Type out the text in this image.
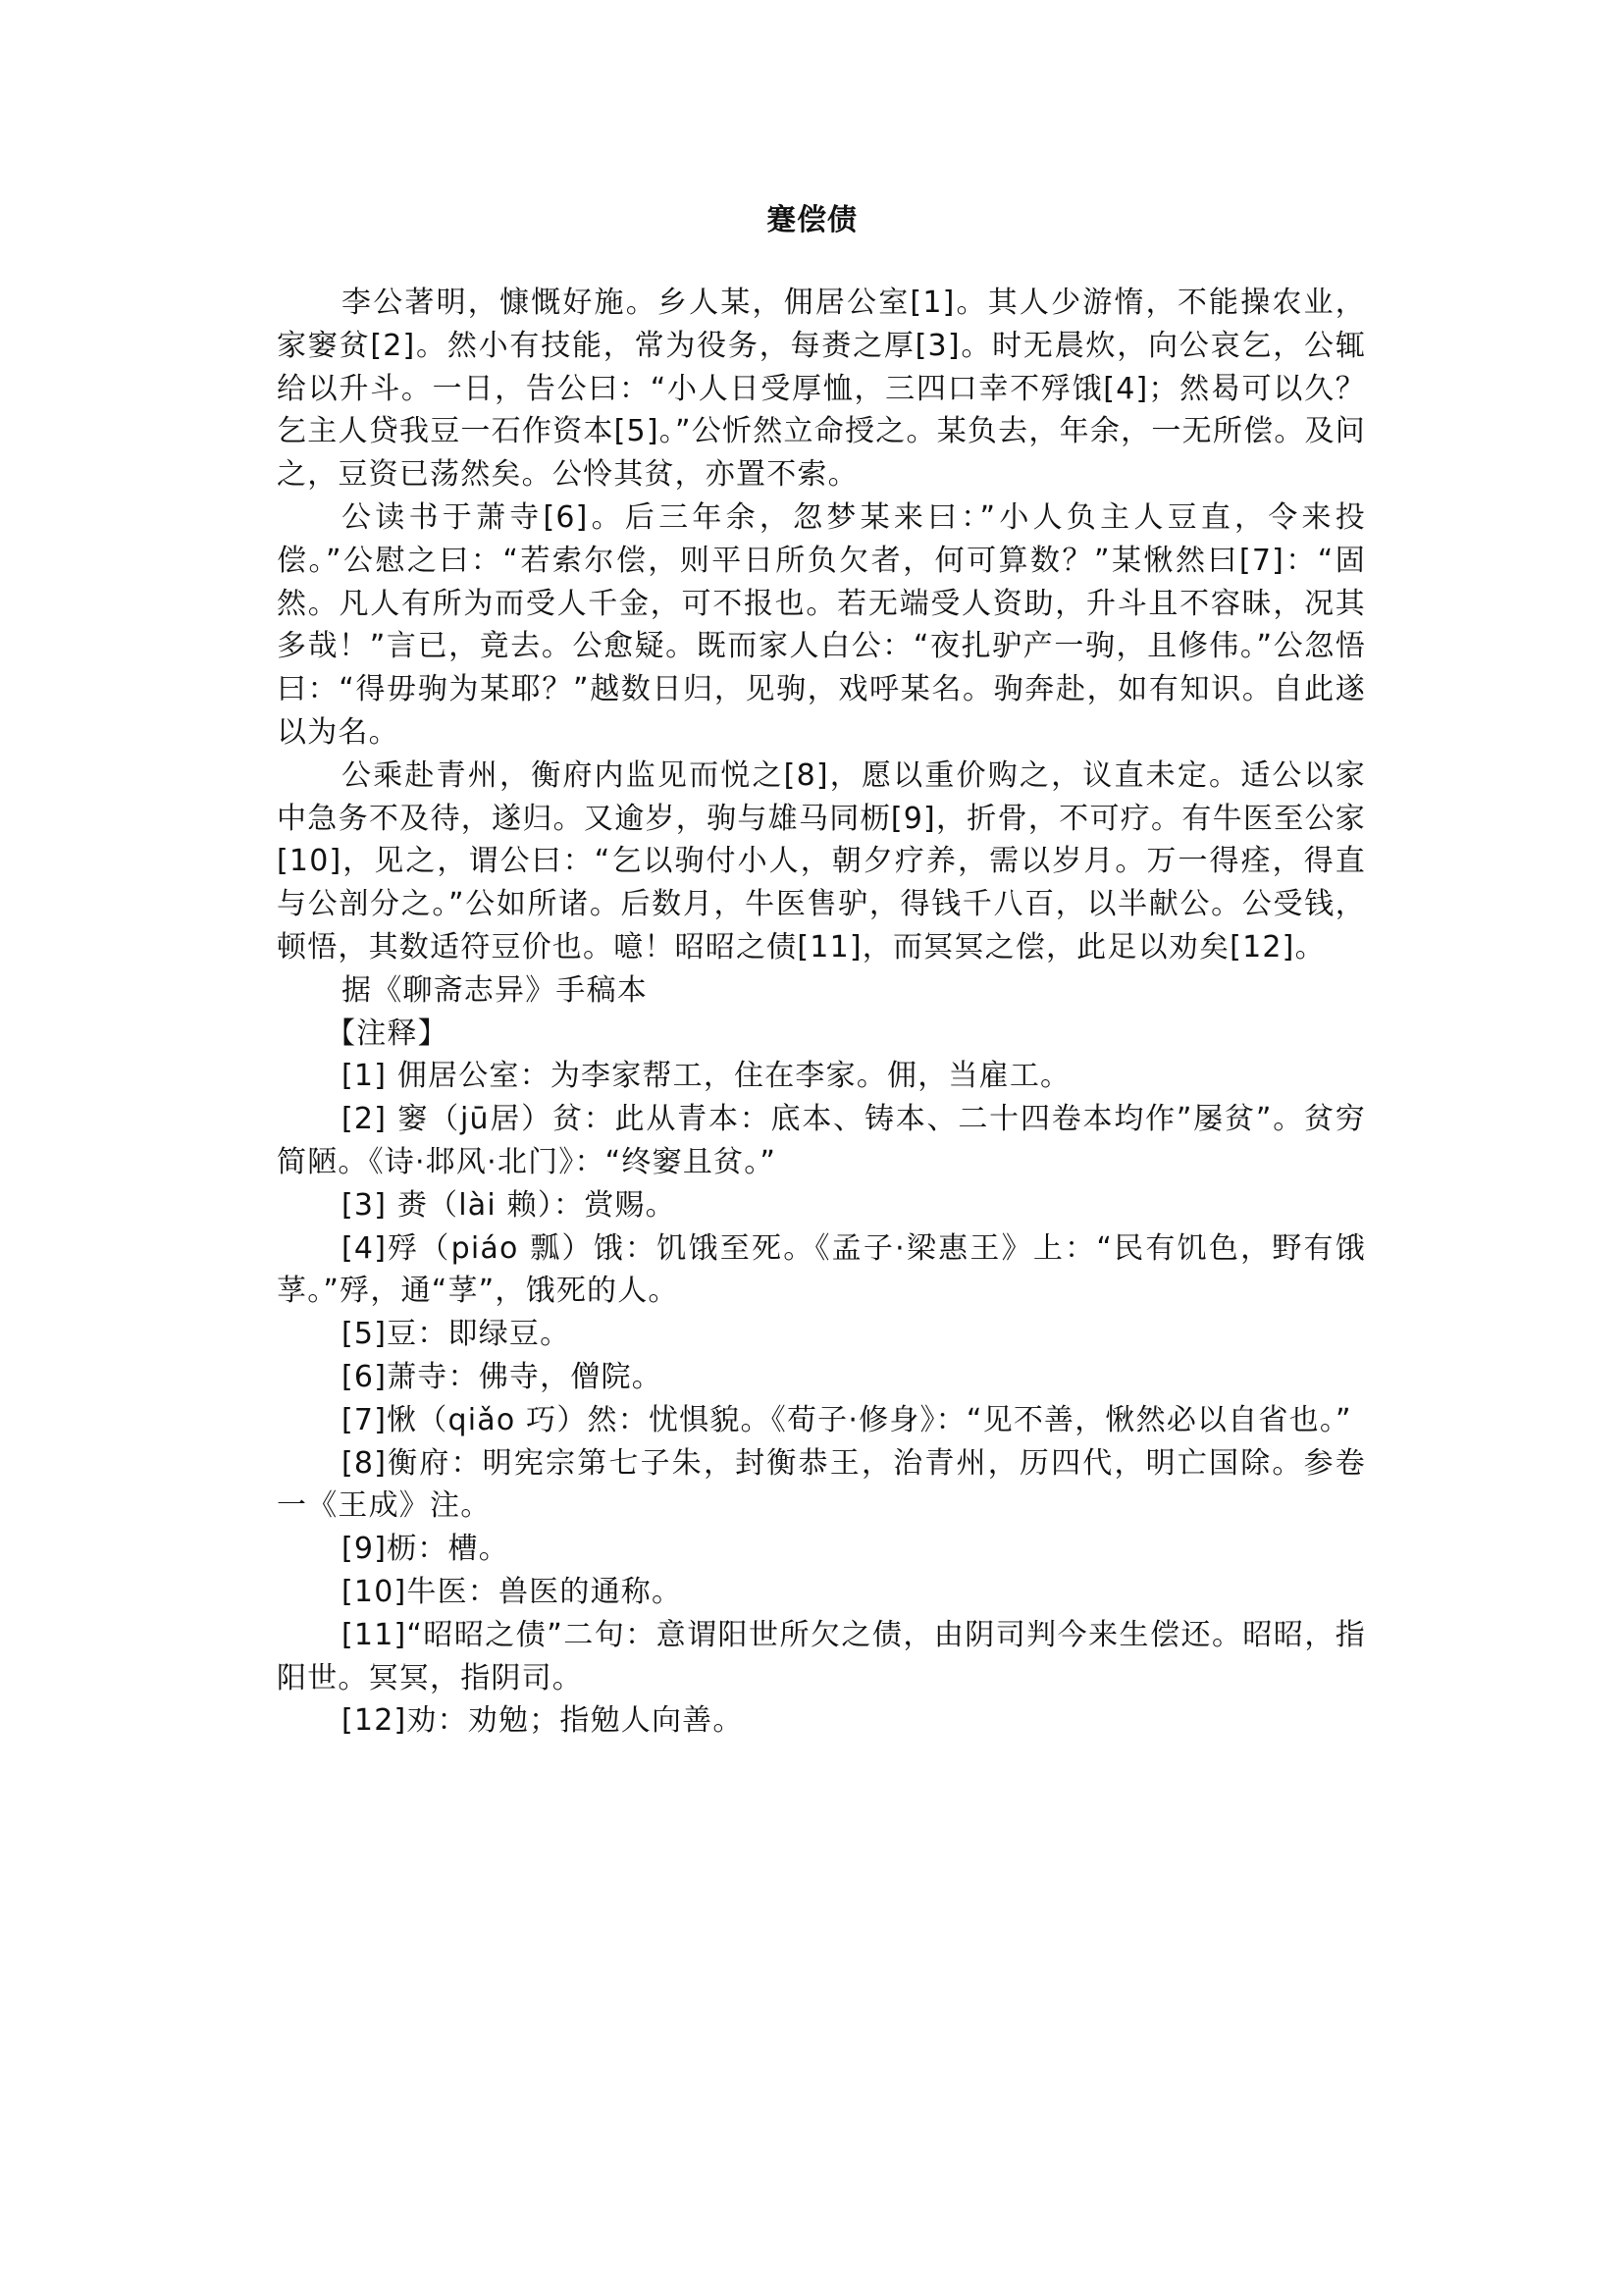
蹇偿债

李公著明，慷慨好施。乡人某，佣居公室[1]。其人少游惰，不能操农业，家窭贫[2]。然小有技能，常为役务，每赉之厚[3]。时无晨炊，向公哀乞，公辄给以升斗。一日，告公曰：“小人日受厚恤，三四口幸不殍饿[4]；然曷可以久？乞主人贷我豆一石作资本[5]。”公忻然立命授之。某负去，年余，一无所偿。及问之，豆资已荡然矣。公怜其贫，亦置不索。

公读书于萧寺[6]。后三年余，忽梦某来曰：”小人负主人豆直，令来投偿。”公慰之曰：“若索尔偿，则平日所负欠者，何可算数？”某愀然曰[7]：“固然。凡人有所为而受人千金，可不报也。若无端受人资助，升斗且不容昧，况其多哉！”言已，竟去。公愈疑。既而家人白公：“夜扎驴产一驹，且修伟。”公忽悟曰：“得毋驹为某耶？”越数日归，见驹，戏呼某名。驹奔赴，如有知识。自此遂以为名。

公乘赴青州，衡府内监见而悦之[8]，愿以重价购之，议直未定。适公以家中急务不及待，遂归。又逾岁，驹与雄马同枥[9]，折骨，不可疗。有牛医至公家[10]，见之，谓公曰：“乞以驹付小人，朝夕疗养，需以岁月。万一得痊，得直与公剖分之。”公如所诸。后数月，牛医售驴，得钱千八百，以半献公。公受钱，顿悟，其数适符豆价也。噫！昭昭之债[11]，而冥冥之偿，此足以劝矣[12]。

据《聊斋志异》手稿本

【注释】

[1] 佣居公室：为李家帮工，住在李家。佣，当雇工。

[2] 窭（jū居）贫：此从青本：底本、铸本、二十四卷本均作”屡贫”。贫穷简陋。《诗·邶风·北门》：“终窭且贫。”

[3] 赉（lài 赖）：赏赐。

[4]殍（piáo 瓢）饿：饥饿至死。《孟子·梁惠王》上：“民有饥色，野有饿莩。”殍，通“莩”，饿死的人。

[5]豆：即绿豆。

[6]萧寺：佛寺，僧院。

[7]愀（qiǎo 巧）然：忧惧貌。《荀子·修身》：“见不善，愀然必以自省也。”

[8]衡府：明宪宗第七子朱，封衡恭王，治青州，历四代，明亡国除。参卷一《王成》注。

[9]枥：槽。

[10]牛医：兽医的通称。

[11]“昭昭之债”二句：意谓阳世所欠之债，由阴司判今来生偿还。昭昭，指阳世。冥冥，指阴司。

[12]劝：劝勉；指勉人向善。
